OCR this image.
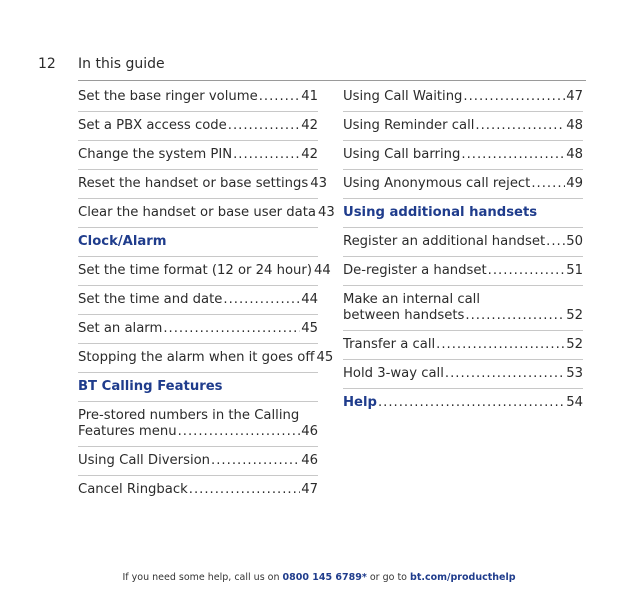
12 In this guide
Set the base ringer volume .....	41
Set a PBX access code .....	42
Change the system PIN .....	42
Reset the handset or base settings 43
Clear the handset or base user data 43
Clock/Alarm
Set the time format (12 or 24 hour) 44
Set the time and date .....	44
Set an alarm .....	45
Stopping the alarm when it goes off 45
BT Calling Features
Pre-stored numbers in the Calling
Features menu .....	46
Using Call Diversion .....	46
Cancel Ringback .....	47
Using Call Waiting .....	47
Using Reminder call .....	48
Using Call barring .....	48
Using Anonymous call reject .....	49
Using additional handsets
Register an additional handset ..... 50
De-register a handset .....	51
Make an internal call
between handsets .....	52
Transfer a call .....	52
Hold 3-way call .....	53
Help .....	54
If you need some help, call us on 0800 145 6789* or go to bt.com/producthelp
